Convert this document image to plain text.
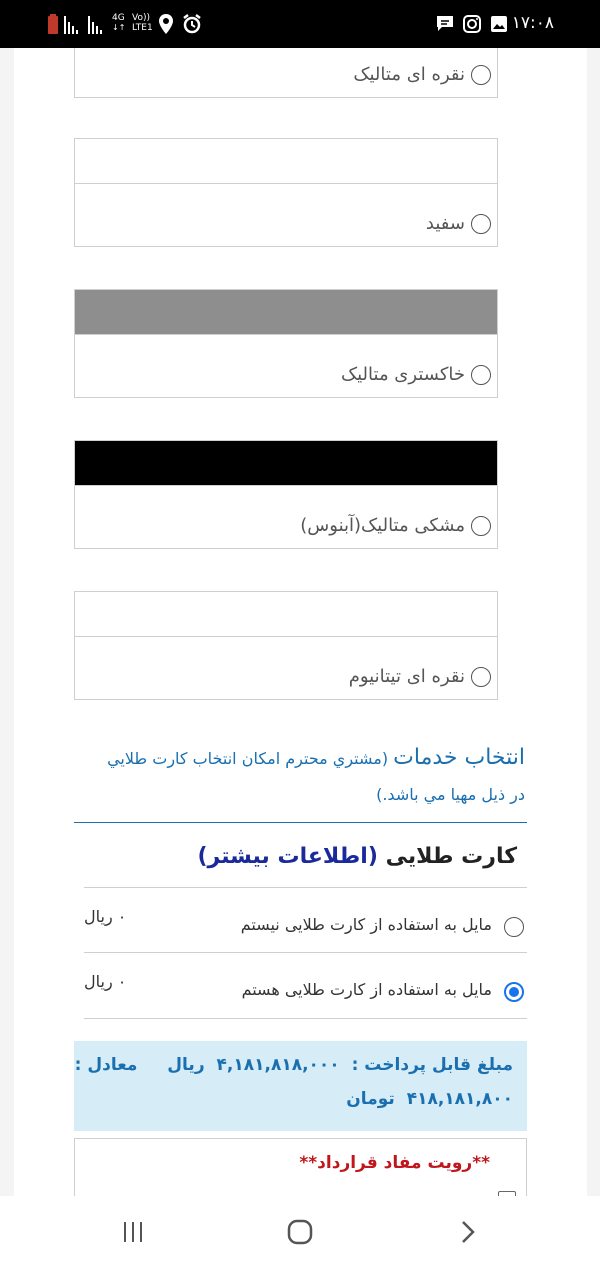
4G
↓↑
Vo))
LTE1	۱۷:۰۸
نقره ای متالیک
سفید
خاکستری متالیک
مشکی متالیک(آبنوس)
نقره ای تیتانیوم
انتخاب خدمات (مشتري محترم امكان انتخاب كارت طلايي در ذيل مهيا مي باشد.)
کارت طلایی (اطلاعات بیشتر)
مایل به استفاده از کارت طلایی نیستم
۰ ریال
مایل به استفاده از کارت طلایی هستم
۰ ریال
مبلغ قابل پرداخت : ۴,۱۸۱,۸۱۸,۰۰۰ ریال معادل :
۴۱۸,۱۸۱,۸۰۰ تومان
**رویت مفاد قرارداد**
